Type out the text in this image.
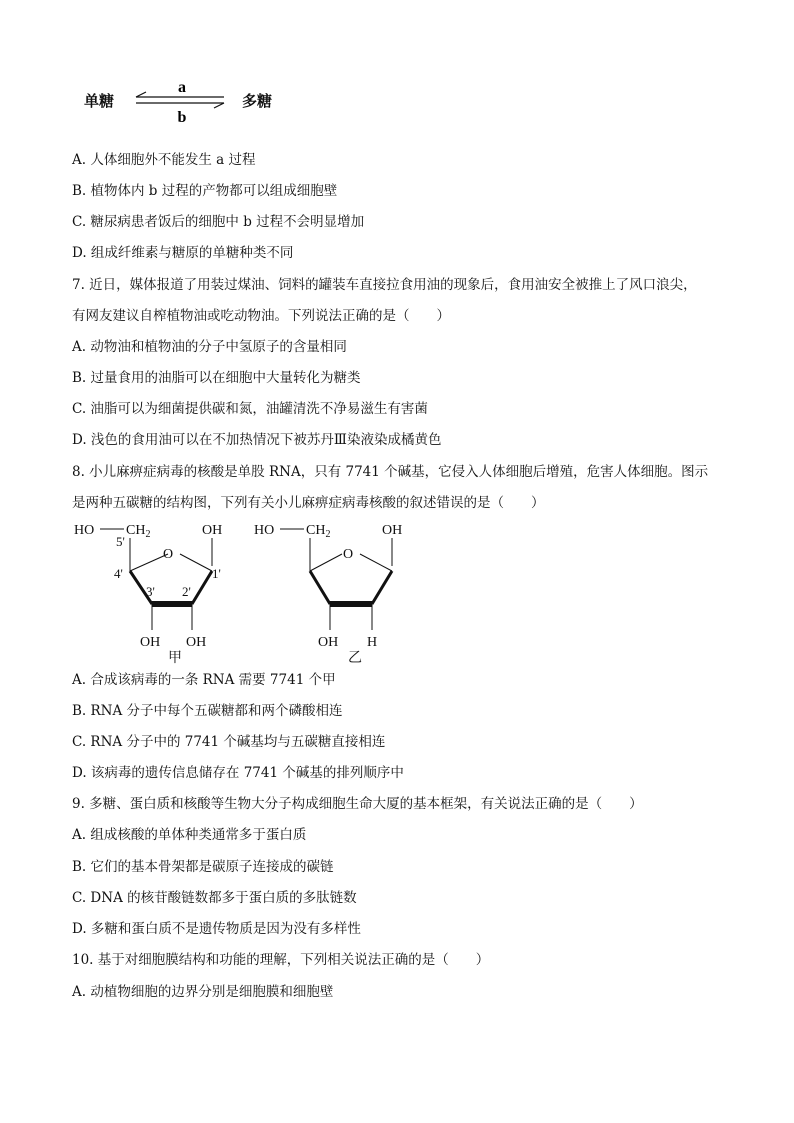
单糖
a
b
多糖
A. 人体细胞外不能发生 a 过程
B. 植物体内 b 过程的产物都可以组成细胞壁
C. 糖尿病患者饭后的细胞中 b 过程不会明显增加
D. 组成纤维素与糖原的单糖种类不同
7. 近日，媒体报道了用装过煤油、饲料的罐装车直接拉食用油的现象后，食用油安全被推上了风口浪尖，
有网友建议自榨植物油或吃动物油。下列说法正确的是（　　）
A. 动物油和植物油的分子中氢原子的含量相同
B. 过量食用的油脂可以在细胞中大量转化为糖类
C. 油脂可以为细菌提供碳和氮，油罐清洗不净易滋生有害菌
D. 浅色的食用油可以在不加热情况下被苏丹Ⅲ染液染成橘黄色
8. 小儿麻痹症病毒的核酸是单股 RNA，只有 7741 个碱基，它侵入人体细胞后增殖，危害人体细胞。图示
是两种五碳糖的结构图，下列有关小儿麻痹症病毒核酸的叙述错误的是（　　）
HO $CH_2$
5'
OH
O
4'
3' 2'
1'
OH OH
甲
HO $CH_2$	OH
O
OH H
乙
A. 合成该病毒的一条 RNA 需要 7741 个甲
B. RNA 分子中每个五碳糖都和两个磷酸相连
C. RNA 分子中的 7741 个碱基均与五碳糖直接相连
D. 该病毒的遗传信息储存在 7741 个碱基的排列顺序中
9. 多糖、蛋白质和核酸等生物大分子构成细胞生命大厦的基本框架，有关说法正确的是（　　）
A. 组成核酸的单体种类通常多于蛋白质
B. 它们的基本骨架都是碳原子连接成的碳链
C. DNA 的核苷酸链数都多于蛋白质的多肽链数
D. 多糖和蛋白质不是遗传物质是因为没有多样性
10. 基于对细胞膜结构和功能的理解，下列相关说法正确的是（　　）
A. 动植物细胞的边界分别是细胞膜和细胞壁
